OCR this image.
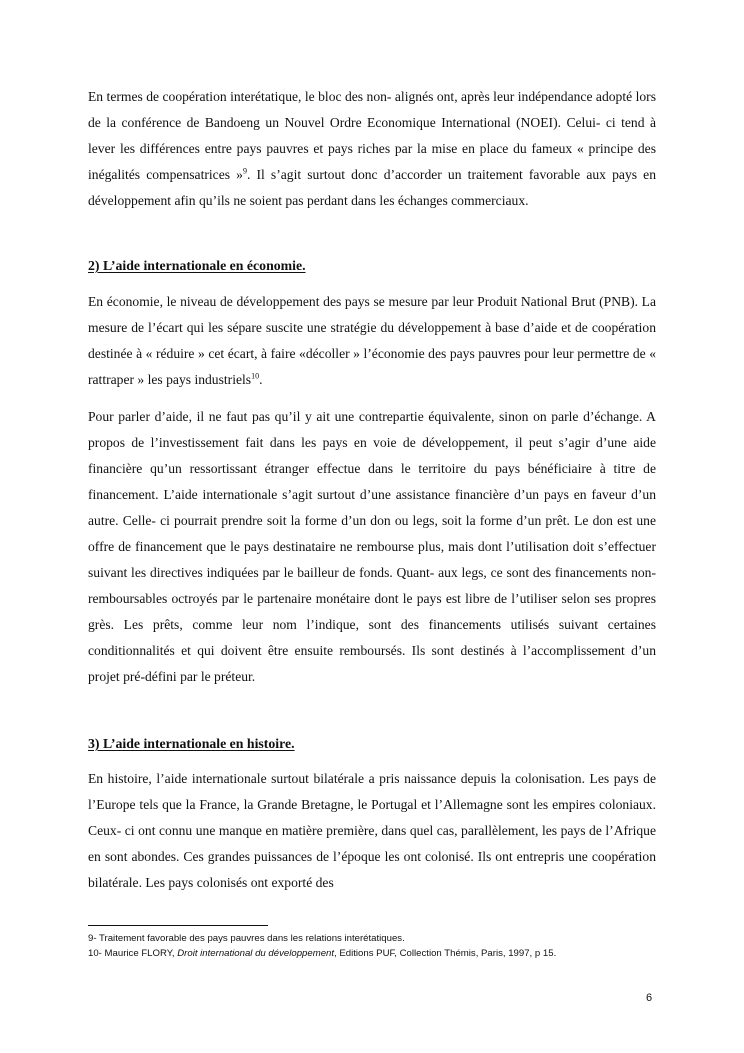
En termes de coopération interétatique, le bloc des non- alignés ont, après leur indépendance adopté lors de la conférence de Bandoeng un Nouvel Ordre Economique International (NOEI). Celui- ci tend à lever les différences entre pays pauvres et pays riches par la mise en place du fameux « principe des inégalités compensatrices »$^9$. Il s’agit surtout donc d’accorder un traitement favorable aux pays en développement afin qu’ils ne soient pas perdant dans les échanges commerciaux.

2) L’aide internationale en économie.

En économie, le niveau de développement des pays se mesure par leur Produit National Brut (PNB). La mesure de l’écart qui les sépare suscite une stratégie du développement à base d’aide et de coopération destinée à « réduire » cet écart, à faire «décoller » l’économie des pays pauvres pour leur permettre de « rattraper » les pays industriels$^{10}$.

Pour parler d’aide, il ne faut pas qu’il y ait une contrepartie équivalente, sinon on parle d’échange. A propos de l’investissement fait dans les pays en voie de développement, il peut s’agir d’une aide financière qu’un ressortissant étranger effectue dans le territoire du pays bénéficiaire à titre de financement. L’aide internationale s’agit surtout d’une assistance financière d’un pays en faveur d’un autre. Celle- ci pourrait prendre soit la forme d’un don ou legs, soit la forme d’un prêt. Le don est une offre de financement que le pays destinataire ne rembourse plus, mais dont l’utilisation doit s’effectuer suivant les directives indiquées par le bailleur de fonds. Quant- aux legs, ce sont des financements non- remboursables octroyés par le partenaire monétaire dont le pays est libre de l’utiliser selon ses propres grès. Les prêts, comme leur nom l’indique, sont des financements utilisés suivant certaines conditionnalités et qui doivent être ensuite remboursés. Ils sont destinés à l’accomplissement d’un projet pré-défini par le préteur.

3) L’aide internationale en histoire.

En histoire, l’aide internationale surtout bilatérale a pris naissance depuis la colonisation. Les pays de l’Europe tels que la France, la Grande Bretagne, le Portugal et l’Allemagne sont les empires coloniaux. Ceux- ci ont connu une manque en matière première, dans quel cas, parallèlement, les pays de l’Afrique en sont abondes. Ces grandes puissances de l’époque les ont colonisé. Ils ont entrepris une coopération bilatérale. Les pays colonisés ont exporté des

9- Traitement favorable des pays pauvres dans les relations interétatiques.

10- Maurice FLORY, Droit international du développement, Editions PUF, Collection Thémis, Paris, 1997, p 15.

6
